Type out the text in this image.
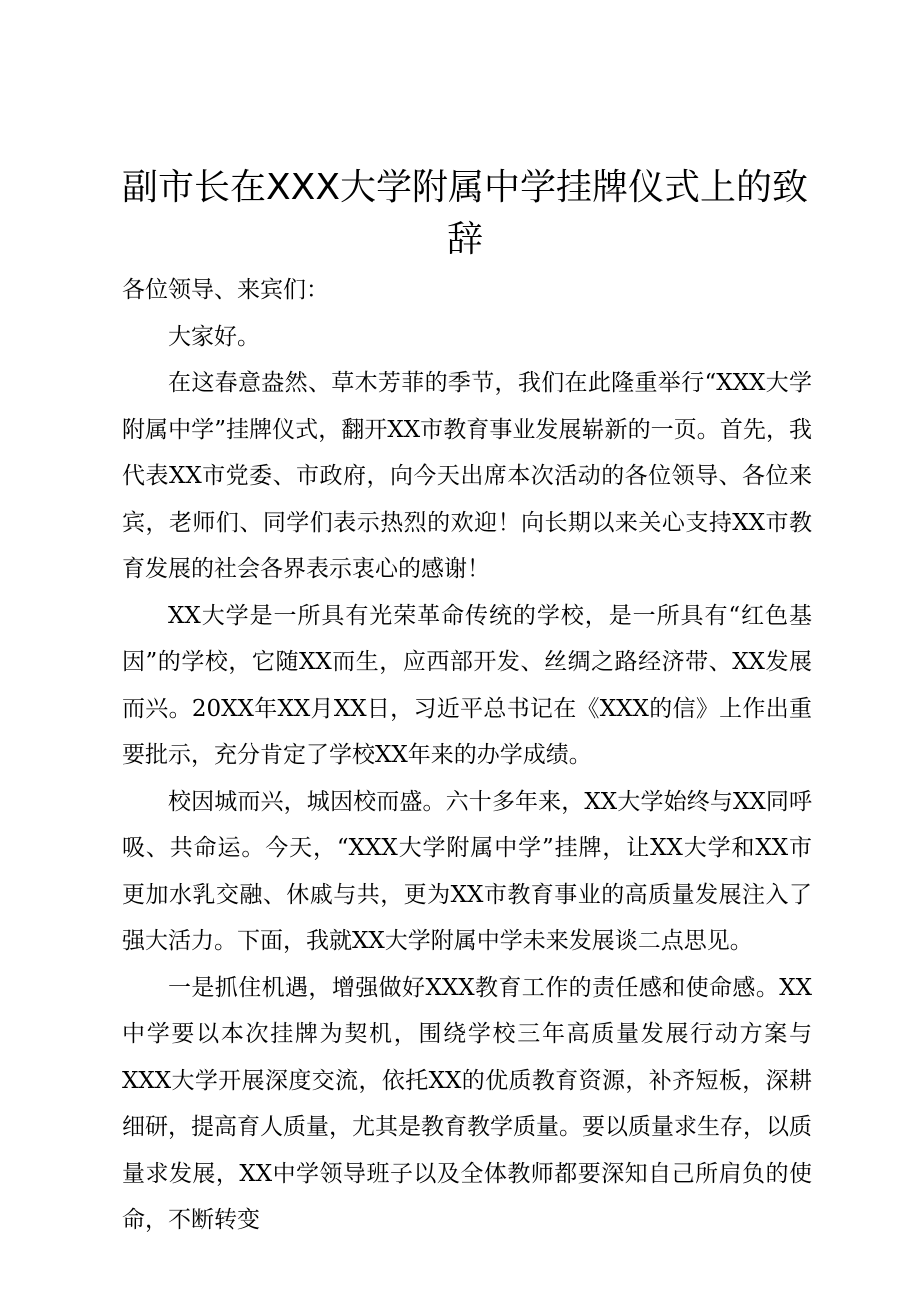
副市长在XXX大学附属中学挂牌仪式上的致辞

各位领导、来宾们：

大家好。

在这春意盎然、草木芳菲的季节，我们在此隆重举行“XXX大学附属中学”挂牌仪式，翻开XX市教育事业发展崭新的一页。首先，我代表XX市党委、市政府，向今天出席本次活动的各位领导、各位来宾，老师们、同学们表示热烈的欢迎！向长期以来关心支持XX市教育发展的社会各界表示衷心的感谢！

XX大学是一所具有光荣革命传统的学校，是一所具有“红色基因”的学校，它随XX而生，应西部开发、丝绸之路经济带、XX发展而兴。20XX年XX月XX日，习近平总书记在《XXX的信》上作出重要批示，充分肯定了学校XX年来的办学成绩。

校因城而兴，城因校而盛。六十多年来，XX大学始终与XX同呼吸、共命运。今天，“XXX大学附属中学”挂牌，让XX大学和XX市更加水乳交融、休戚与共，更为XX市教育事业的高质量发展注入了强大活力。下面，我就XX大学附属中学未来发展谈二点思见。

一是抓住机遇，增强做好XXX教育工作的责任感和使命感。XX中学要以本次挂牌为契机，围绕学校三年高质量发展行动方案与XXX大学开展深度交流，依托XX的优质教育资源，补齐短板，深耕细研，提高育人质量，尤其是教育教学质量。要以质量求生存，以质量求发展，XX中学领导班子以及全体教师都要深知自己所肩负的使命，不断转变
